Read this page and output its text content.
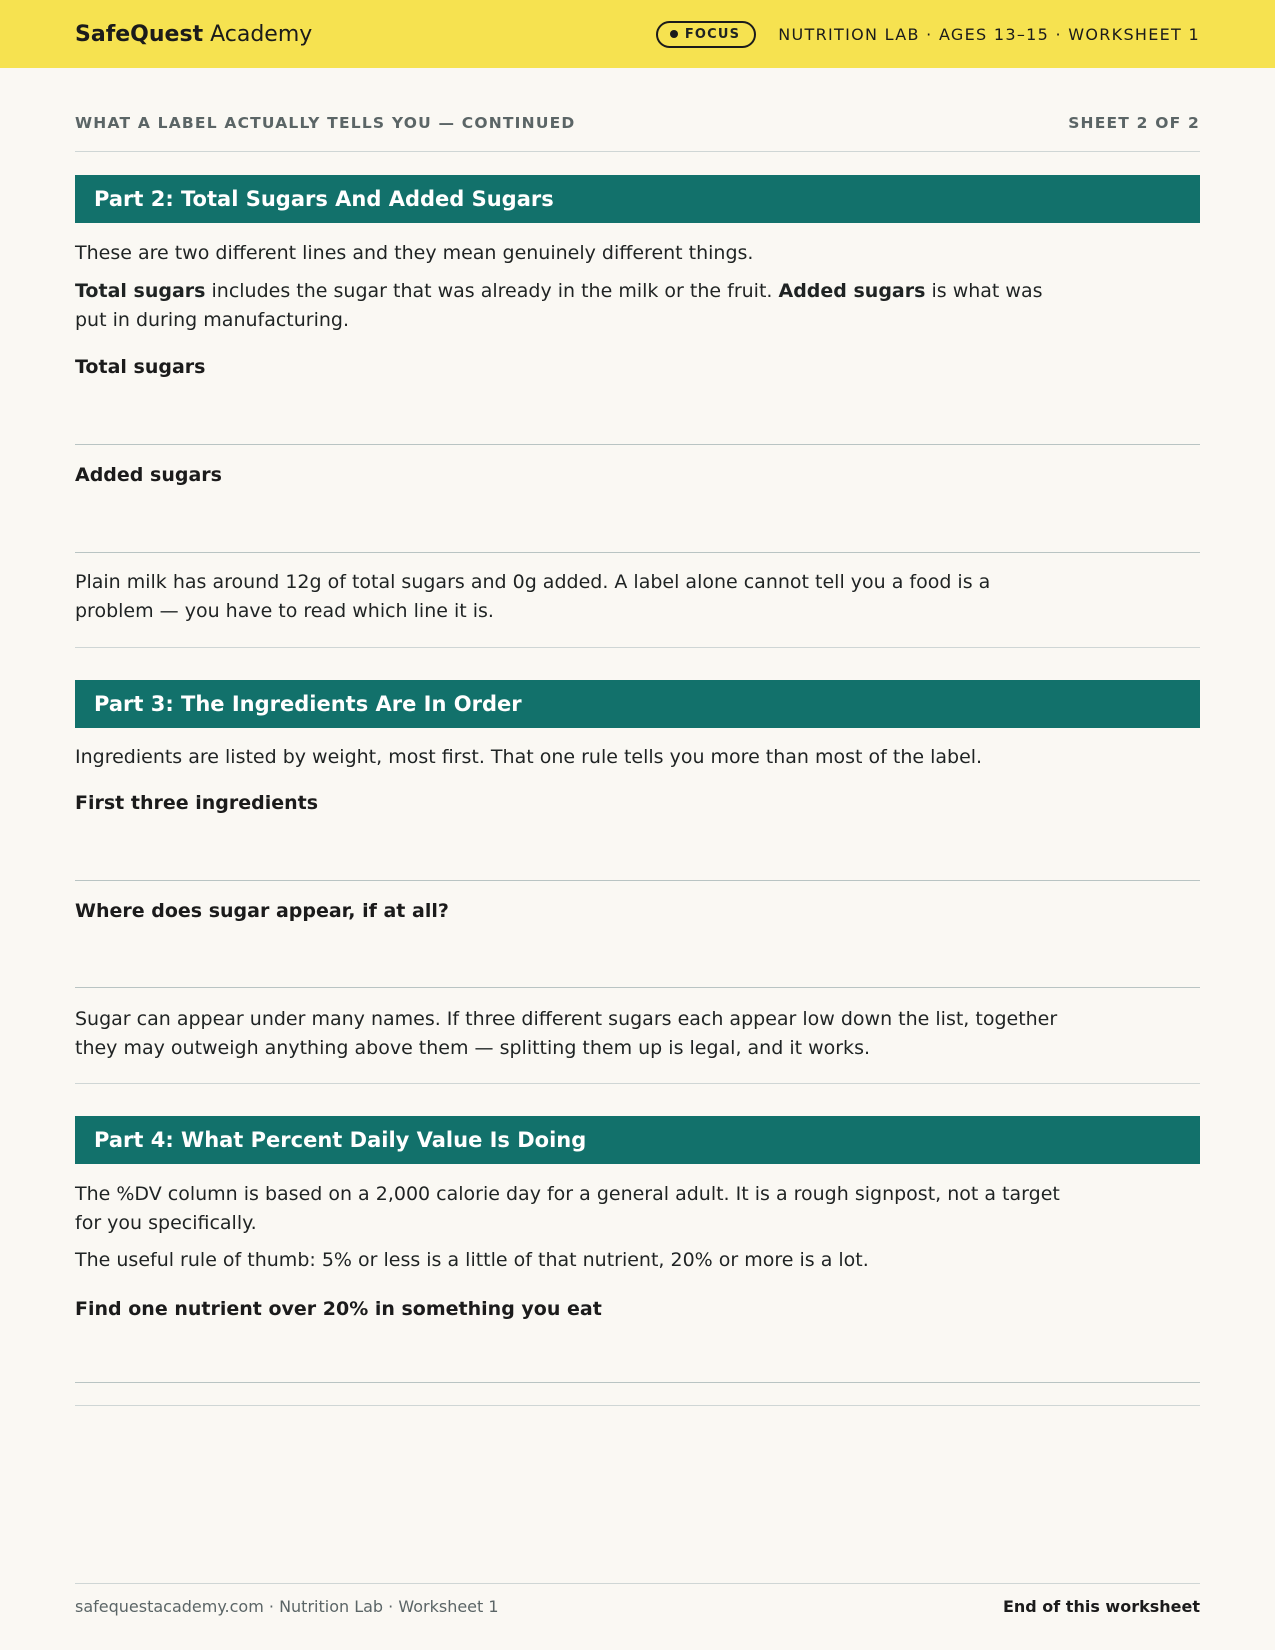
SafeQuest Academy	FOCUS NUTRITION LAB · AGES 13–15 · WORKSHEET 1
WHAT A LABEL ACTUALLY TELLS YOU — CONTINUED	SHEET 2 OF 2
Part 2: Total Sugars And Added Sugars
These are two different lines and they mean genuinely different things.
Total sugars includes the sugar that was already in the milk or the fruit. Added sugars is what was put in during manufacturing.
Total sugars
Added sugars
Plain milk has around 12g of total sugars and 0g added. A label alone cannot tell you a food is a problem — you have to read which line it is.
Part 3: The Ingredients Are In Order
Ingredients are listed by weight, most first. That one rule tells you more than most of the label.
First three ingredients
Where does sugar appear, if at all?
Sugar can appear under many names. If three different sugars each appear low down the list, together they may outweigh anything above them — splitting them up is legal, and it works.
Part 4: What Percent Daily Value Is Doing
The %DV column is based on a 2,000 calorie day for a general adult. It is a rough signpost, not a target for you specifically.
The useful rule of thumb: 5% or less is a little of that nutrient, 20% or more is a lot.
Find one nutrient over 20% in something you eat
safequestacademy.com · Nutrition Lab · Worksheet 1	End of this worksheet
